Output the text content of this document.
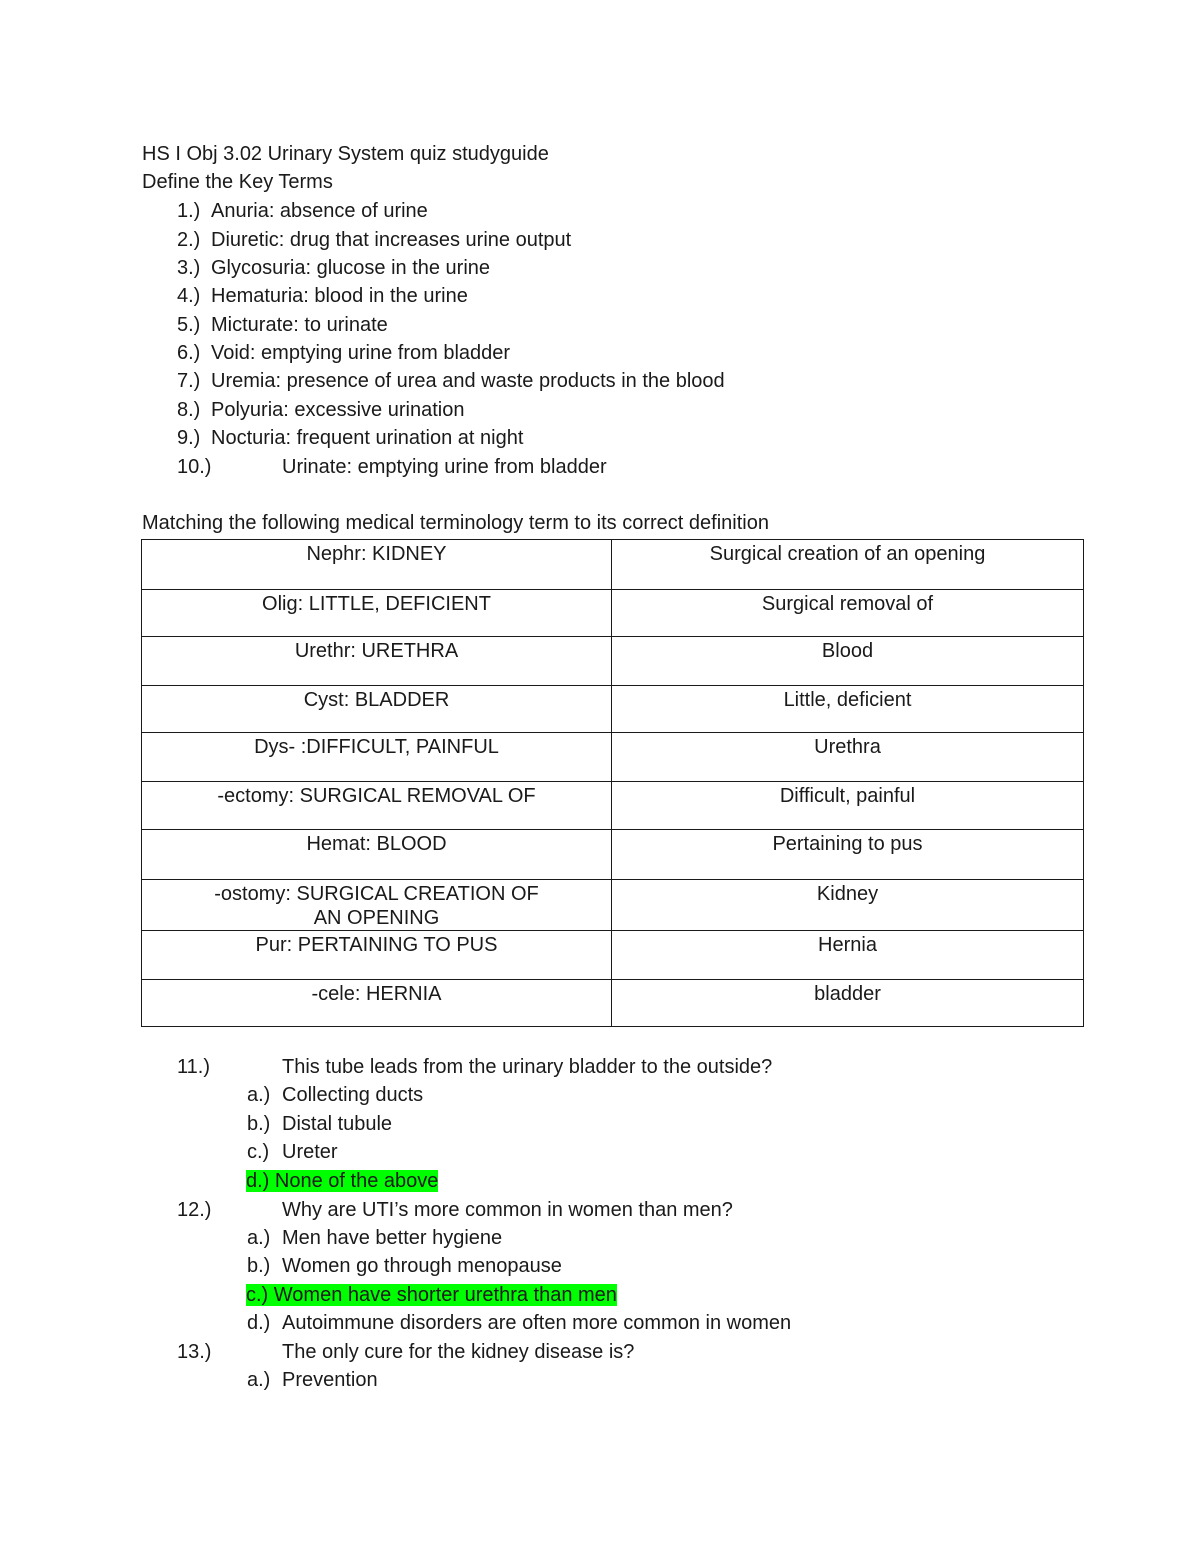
HS I Obj 3.02 Urinary System quiz studyguide
Define the Key Terms
1.) Anuria: absence of urine
2.) Diuretic: drug that increases urine output
3.) Glycosuria: glucose in the urine
4.) Hematuria: blood in the urine
5.) Micturate: to urinate
6.) Void: emptying urine from bladder
7.) Uremia: presence of urea and waste products in the blood
8.) Polyuria: excessive urination
9.) Nocturia: frequent urination at night
10.)	Urinate: emptying urine from bladder
Matching the following medical terminology term to its correct definition
Nephr: KIDNEY	Surgical creation of an opening
Olig: LITTLE, DEFICIENT	Surgical removal of
Urethr: URETHRA	Blood
Cyst: BLADDER	Little, deficient
Dys- :DIFFICULT, PAINFUL	Urethra
-ectomy: SURGICAL REMOVAL OF	Difficult, painful
Hemat: BLOOD	Pertaining to pus
-ostomy: SURGICAL CREATION OF AN OPENING	Kidney
Pur: PERTAINING TO PUS	Hernia
-cele: HERNIA	bladder
11.)	This tube leads from the urinary bladder to the outside?
a.) Collecting ducts
b.) Distal tubule
c.) Ureter
d.) None of the above
12.)	Why are UTI’s more common in women than men?
a.) Men have better hygiene
b.) Women go through menopause
c.) Women have shorter urethra than men
d.) Autoimmune disorders are often more common in women
13.)	The only cure for the kidney disease is?
a.) Prevention
